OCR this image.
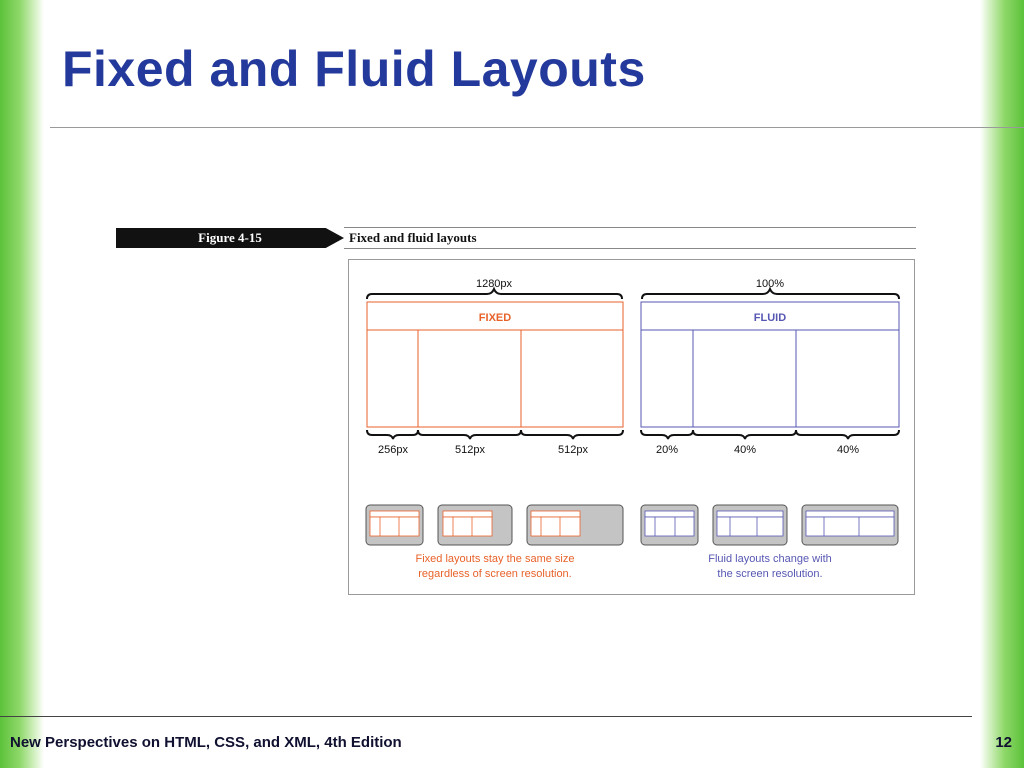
Fixed and Fluid Layouts
Figure 4-15	Fixed and fluid layouts
1280px
FIXED
256px	512px	512px
Fixed layouts stay the same size
regardless of screen resolution.
100%
FLUID
20%	40%	40%
Fluid layouts change with
the screen resolution.
New Perspectives on HTML, CSS, and XML, 4th Edition	12
